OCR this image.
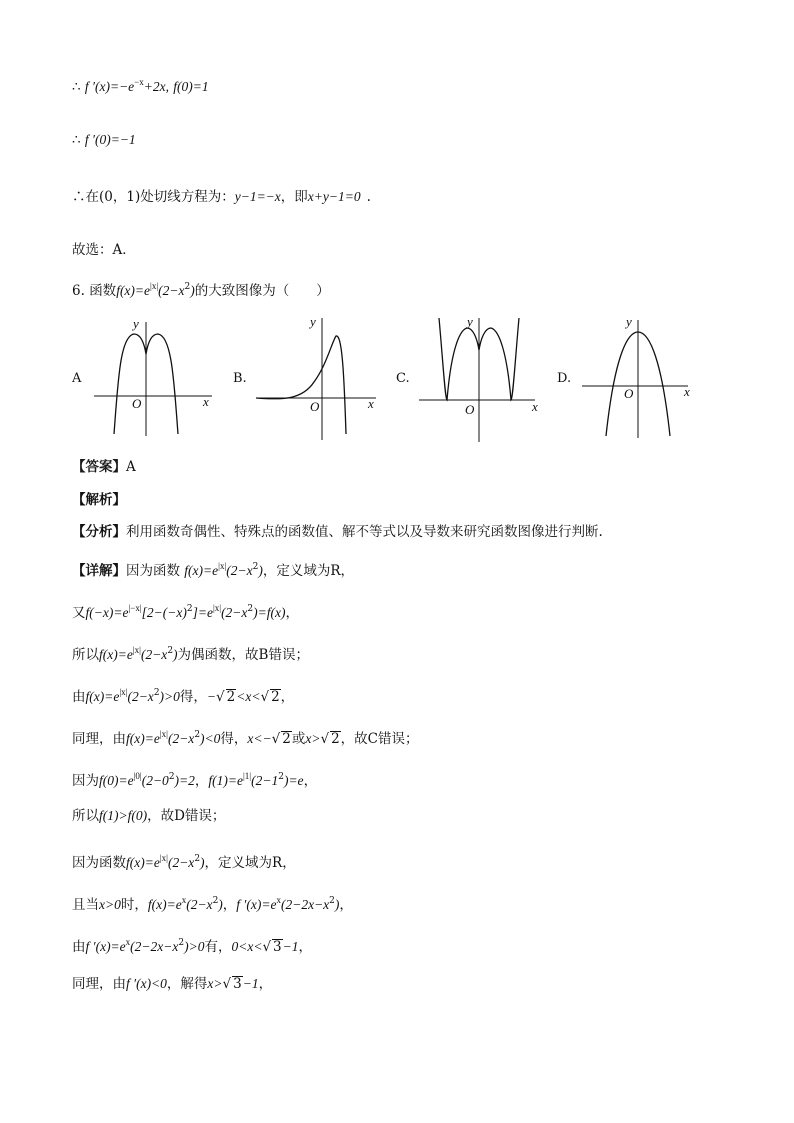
∴ f $'(x)=-e^{-x}+2x$, f(0)=1
∴ f ′(0)=−1
∴在(0，1)处切线方程为：y−1=−x，即x+y−1=0 .
故选：A．
6. 函数$f(x)=e^{|x|}(2-x^2)$的大致图像为（　　）
A	B.	C.	D.
y
x
O
y
x
O
y
x
O
y
x
O
【答案】A
【解析】
【分析】利用函数奇偶性、特殊点的函数值、解不等式以及导数来研究函数图像进行判断.
【详解】因为函数 $f(x)=e^{|x|}(2-x^2)$，定义域为R，
又$f(-x)=e^{|-x|}[2-(-x)^2]=e^{|x|}(2-x^2)=f(x)$，
所以$f(x)=e^{|x|}(2-x^2)$为偶函数，故B错误；
由$f(x)=e^{|x|}(2-x^2)>0$得，−√ 2<x<√ 2，
同理，由$f(x)=e^{|x|}(2-x^2)<0$得，x<−√ 2或x>√ 2，故C错误；
因为$f(0)=e^{|0|}(2-0^2)=2$，$f(1)=e^{|1|}(2-1^2)=e$，
所以f(1)>f(0)，故D错误；
因为函数$f(x)=e^{|x|}(2-x^2)$，定义域为R，
且当x>0时，$f(x)=e^x(2-x^2)$，f $'(x)=e^x(2-2x-x^2)$，
由f $'(x)=e^x(2-2x-x^2)>0$有，0<x<√ 3−1，
同理，由f ′(x)<0，解得x>√ 3−1，
